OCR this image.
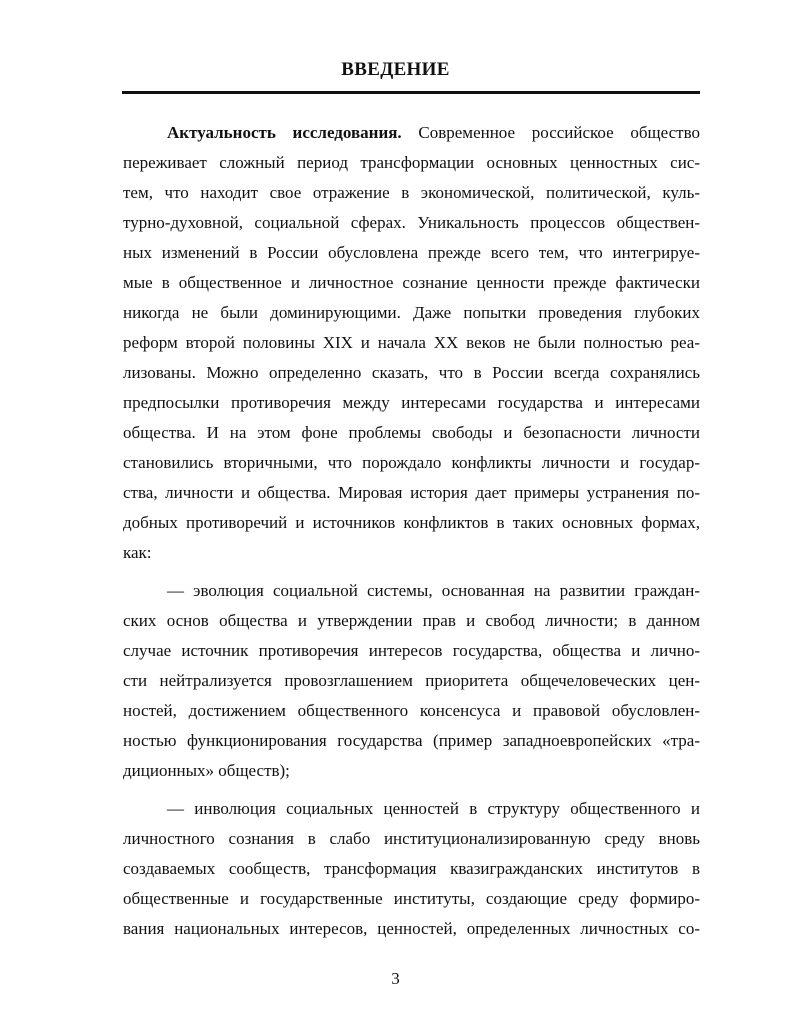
ВВЕДЕНИЕ
Актуальность исследования. Современное российское общество
переживает сложный период трансформации основных ценностных сис-
тем, что находит свое отражение в экономической, политической, куль-
турно-духовной, социальной сферах. Уникальность процессов обществен-
ных изменений в России обусловлена прежде всего тем, что интегрируе-
мые в общественное и личностное сознание ценности прежде фактически
никогда не были доминирующими. Даже попытки проведения глубоких
реформ второй половины XIX и начала XX веков не были полностью реа-
лизованы. Можно определенно сказать, что в России всегда сохранялись
предпосылки противоречия между интересами государства и интересами
общества. И на этом фоне проблемы свободы и безопасности личности
становились вторичными, что порождало конфликты личности и государ-
ства, личности и общества. Мировая история дает примеры устранения по-
добных противоречий и источников конфликтов в таких основных формах,
как:
— эволюция социальной системы, основанная на развитии граждан-
ских основ общества и утверждении прав и свобод личности; в данном
случае источник противоречия интересов государства, общества и лично-
сти нейтрализуется провозглашением приоритета общечеловеческих цен-
ностей, достижением общественного консенсуса и правовой обусловлен-
ностью функционирования государства (пример западноевропейских «тра-
диционных» обществ);
— инволюция социальных ценностей в структуру общественного и
личностного сознания в слабо институционализированную среду вновь
создаваемых сообществ, трансформация квазигражданских институтов в
общественные и государственные институты, создающие среду формиро-
вания национальных интересов, ценностей, определенных личностных со-
3
